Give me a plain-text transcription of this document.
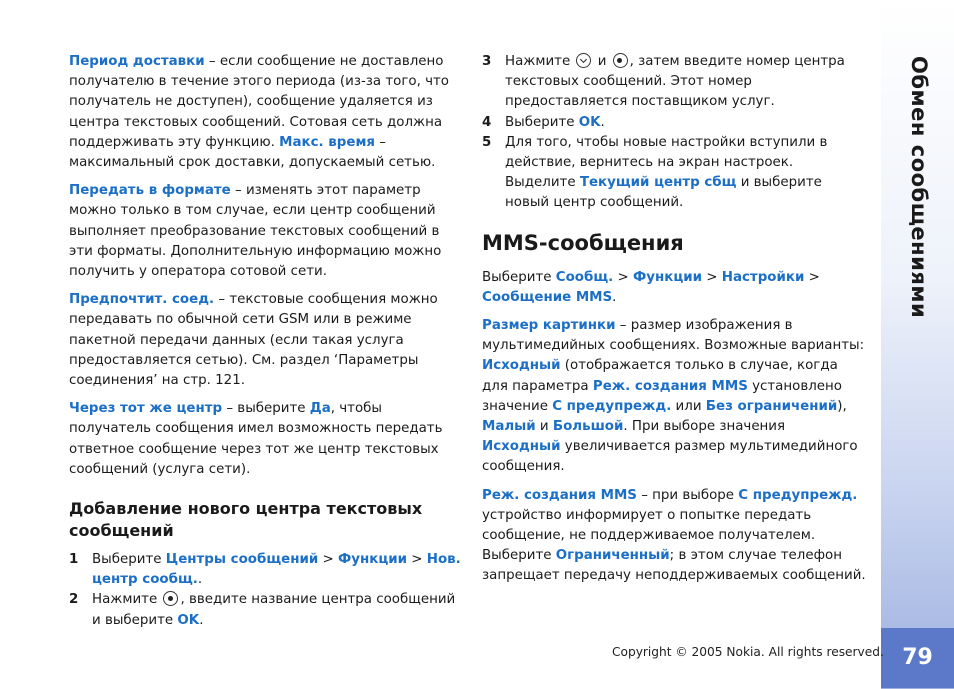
Обмен сообщениями
79

Период доставки – если сообщение не доставлено получателю в течение этого периода (из-за того, что получатель не доступен), сообщение удаляется из центра текстовых сообщений. Сотовая сеть должна поддерживать эту функцию. Макс. время – максимальный срок доставки, допускаемый сетью.

Передать в формате – изменять этот параметр можно только в том случае, если центр сообщений выполняет преобразование текстовых сообщений в эти форматы. Дополнительную информацию можно получить у оператора сотовой сети.

Предпочтит. соед. – текстовые сообщения можно передавать по обычной сети GSM или в режиме пакетной передачи данных (если такая услуга предоставляется сетью). См. раздел ‘Параметры соединения’ на стр. 121.

Через тот же центр – выберите Да, чтобы получатель сообщения имел возможность передать ответное сообщение через тот же центр текстовых сообщений (услуга сети).

Добавление нового центра текстовых сообщений
1	Выберите Центры сообщений > Функции > Нов. центр сообщ..
2	Нажмите , введите название центра сообщений и выберите OK.
3	Нажмите  и , затем введите номер центра текстовых сообщений. Этот номер предоставляется поставщиком услуг.
4	Выберите OK.
5	Для того, чтобы новые настройки вступили в действие, вернитесь на экран настроек. Выделите Текущий центр сбщ и выберите новый центр сообщений.
MMS-сообщения

Выберите Сообщ. > Функции > Настройки > Сообщение MMS.

Размер картинки – размер изображения в мультимедийных сообщениях. Возможные варианты: Исходный (отображается только в случае, когда для параметра Реж. создания MMS установлено значение С предупрежд. или Без ограничений), Малый и Большой. При выборе значения Исходный увеличивается размер мультимедийного сообщения.

Реж. создания MMS – при выборе С предупрежд. устройство информирует о попытке передать сообщение, не поддерживаемое получателем. Выберите Ограниченный; в этом случае телефон запрещает передачу неподдерживаемых сообщений.

Copyright © 2005 Nokia. All rights reserved.
